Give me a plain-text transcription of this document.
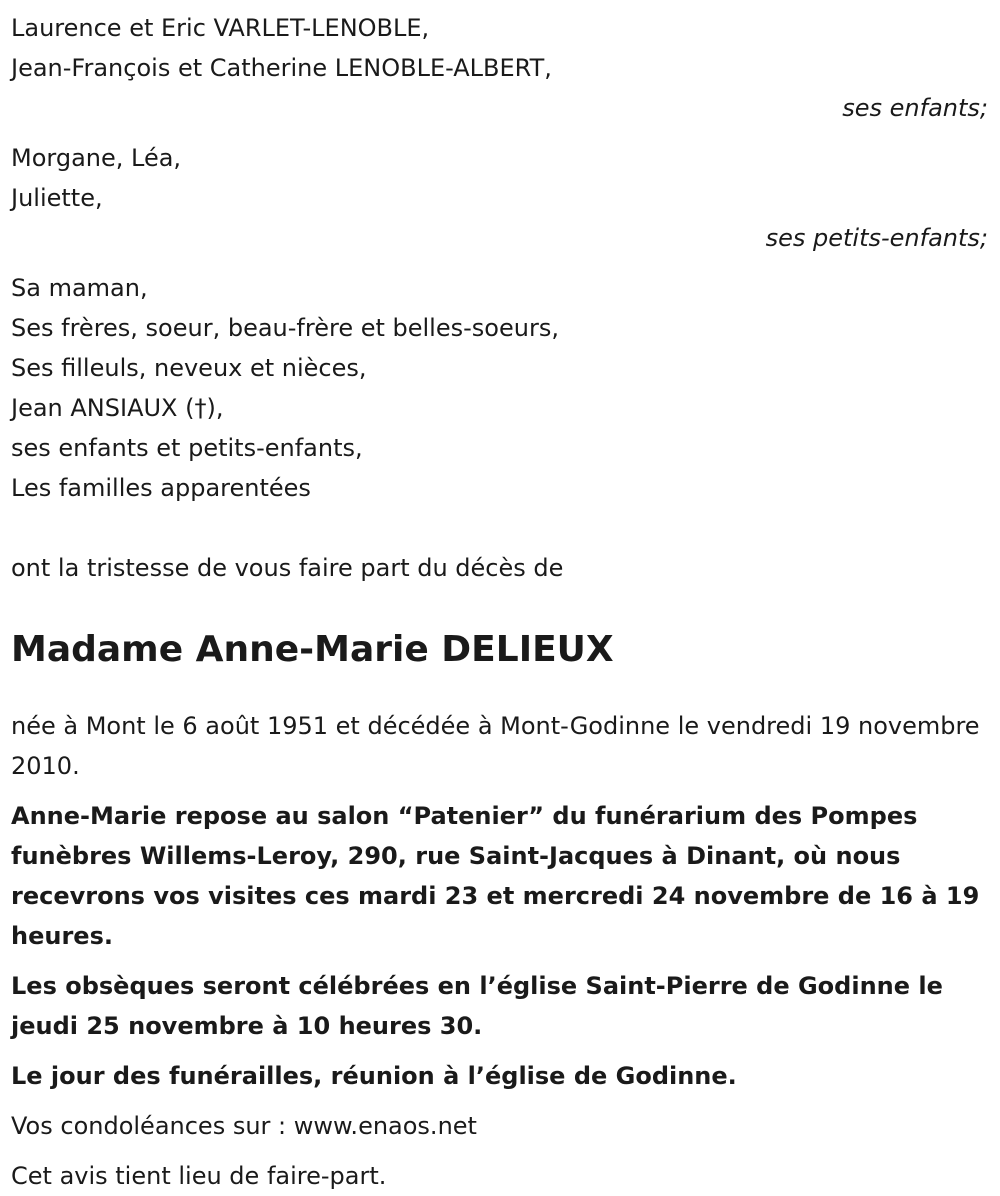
Laurence et Eric VARLET-LENOBLE,
Jean-François et Catherine LENOBLE-ALBERT,
ses enfants;
Morgane, Léa,
Juliette,
ses petits-enfants;
Sa maman,
Ses frères, soeur, beau-frère et belles-soeurs,
Ses filleuls, neveux et nièces,
Jean ANSIAUX (†),
ses enfants et petits-enfants,
Les familles apparentées
ont la tristesse de vous faire part du décès de
Madame Anne-Marie DELIEUX

née à Mont le 6 août 1951 et décédée à Mont-Godinne le vendredi 19 novembre 2010.

Anne-Marie repose au salon “Patenier” du funérarium des Pompes funèbres Willems-Leroy, 290, rue Saint-Jacques à Dinant, où nous recevrons vos visites ces mardi 23 et mercredi 24 novembre de 16 à 19 heures.

Les obsèques seront célébrées en l’église Saint-Pierre de Godinne le jeudi 25 novembre à 10 heures 30.

Le jour des funérailles, réunion à l’église de Godinne.

Vos condoléances sur : www.enaos.net

Cet avis tient lieu de faire-part.
